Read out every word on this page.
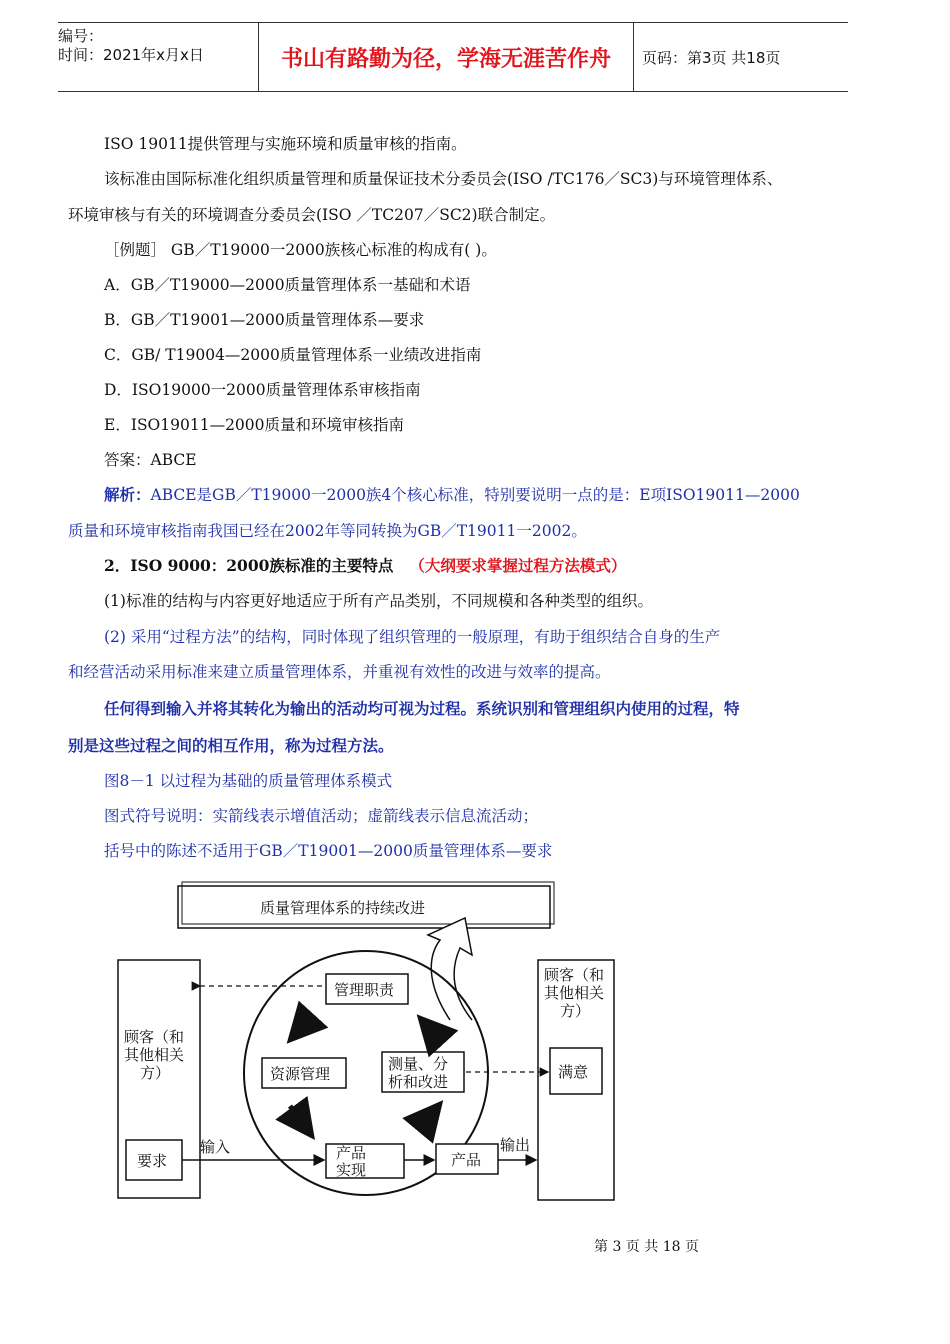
编号：
时间：2021年x月x日	书山有路勤为径，学海无涯苦作舟	页码：第3页 共18页
ISO 19011提供管理与实施环境和质量审核的指南。
该标准由国际标准化组织质量管理和质量保证技术分委员会(ISO /TC176／SC3)与环境管理体系、
环境审核与有关的环境调查分委员会(ISO ／TC207／SC2)联合制定。
［例题］ GB／T19000一2000族核心标准的构成有( )。
A．GB／T19000—2000质量管理体系一基础和术语
B．GB／T19001—2000质量管理体系—要求
C．GB/ T19004—2000质量管理体系一业绩改进指南
D．ISO19000一2000质量管理体系审核指南
E．ISO19011—2000质量和环境审核指南
答案：ABCE
解析：ABCE是GB／T19000一2000族4个核心标准，特别要说明一点的是：E项ISO19011—2000
质量和环境审核指南我国已经在2002年等同转换为GB／T19011一2002。
2．ISO 9000：2000族标准的主要特点 （大纲要求掌握过程方法模式）
(1)标准的结构与内容更好地适应于所有产品类别，不同规模和各种类型的组织。
(2) 采用“过程方法”的结构，同时体现了组织管理的一般原理，有助于组织结合自身的生产
和经营活动采用标准来建立质量管理体系，并重视有效性的改进与效率的提高。
任何得到输入并将其转化为输出的活动均可视为过程。系统识别和管理组织内使用的过程，特
别是这些过程之间的相互作用，称为过程方法。
图8－1 以过程为基础的质量管理体系模式
图式符号说明：实箭线表示增值活动；虚箭线表示信息流活动；
括号中的陈述不适用于GB／T19001—2000质量管理体系—要求
质量管理体系的持续改进
顾客（和
其他相关
方）
要求
顾客（和
其他相关
方）
满意
管理职责
资源管理
测量、分
析和改进
产品
实现
产品
输入	输出
第 3 页 共 18 页
